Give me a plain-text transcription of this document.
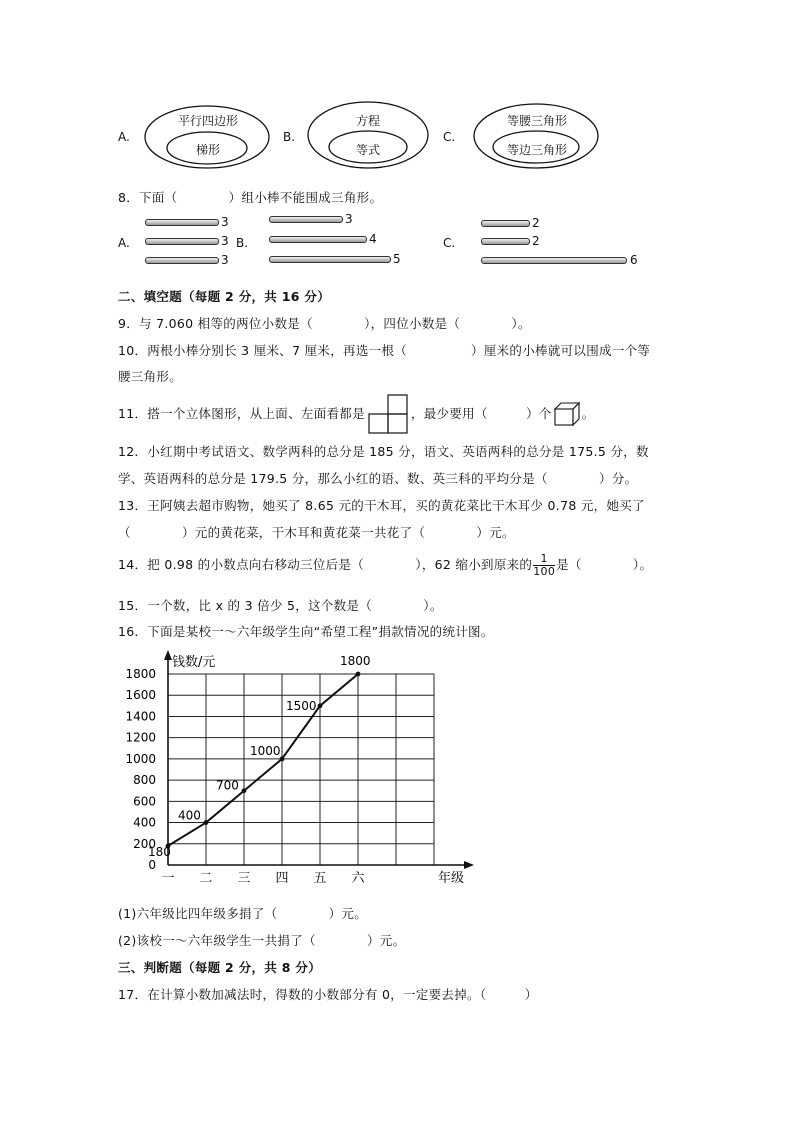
A.
平行四边形
梯形
B.
方程
等式
C.
等腰三角形
等边三角形
8．下面（　　　　）组小棒不能围成三角形。
A.
3
3
3
B.
3
4
5
C.
2
2
6
二、填空题（每题 2 分，共 16 分）
9．与 7.060 相等的两位小数是（　　　　），四位小数是（　　　　）。
10．两根小棒分别长 3 厘米、7 厘米，再选一根（　　　　　）厘米的小棒就可以围成一个等
腰三角形。
11．搭一个立体图形，从上面、左面看都是	，最少要用（　　　）个 。
12．小红期中考试语文、数学两科的总分是 185 分，语文、英语两科的总分是 175.5 分，数
学、英语两科的总分是 179.5 分，那么小红的语、数、英三科的平均分是（　　　　）分。
13．王阿姨去超市购物，她买了 8.65 元的干木耳，买的黄花菜比干木耳少 0.78 元，她买了
（　　　　）元的黄花菜，干木耳和黄花菜一共花了（　　　　）元。
14．把 0.98 的小数点向右移动三位后是（　　　　），62 缩小到原来的 $\frac{1}{100}$ 是（　　　　）。
15．一个数，比 x 的 3 倍少 5，这个数是（　　　　）。
16．下面是某校一～六年级学生向“希望工程”捐款情况的统计图。
0
200
400
600
800
1000
1200
1400
1600
1800
钱数/元
年级
一 二 三 四 五 六
180
400
700
1000
1500
1800
(1)六年级比四年级多捐了（　　　　）元。
(2)该校一～六年级学生一共捐了（　　　　）元。
三、判断题（每题 2 分，共 8 分）
17．在计算小数加减法时，得数的小数部分有 0，一定要去掉。（　　　）
